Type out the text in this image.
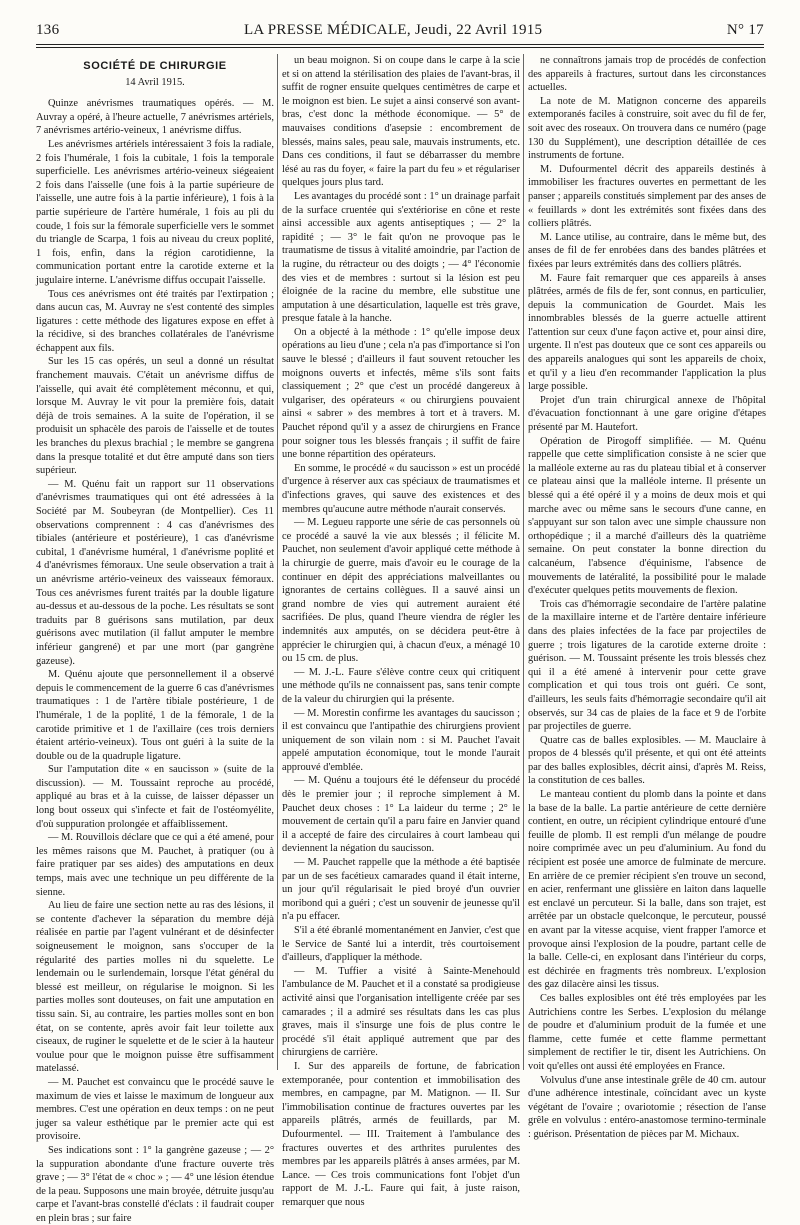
136	LA PRESSE MÉDICALE, Jeudi, 22 Avril 1915	N° 17

SOCIÉTÉ DE CHIRURGIE

14 Avril 1915.

Quinze anévrismes traumatiques opérés. — M. Auvray a opéré, à l'heure actuelle, 7 anévrismes artériels, 7 anévrismes artério-veineux, 1 anévrisme diffus.

Les anévrismes artériels intéressaient 3 fois la radiale, 2 fois l'humérale, 1 fois la cubitale, 1 fois la temporale superficielle. Les anévrismes artério-veineux siégeaient 2 fois dans l'aisselle (une fois à la partie supérieure de l'aisselle, une autre fois à la partie inférieure), 1 fois à la partie supérieure de l'artère humérale, 1 fois au pli du coude, 1 fois sur la fémorale superficielle vers le sommet du triangle de Scarpa, 1 fois au niveau du creux poplité, 1 fois, enfin, dans la région carotidienne, la communication portant entre la carotide externe et la jugulaire interne. L'anévrisme diffus occupait l'aisselle.

Tous ces anévrismes ont été traités par l'extirpation ; dans aucun cas, M. Auvray ne s'est contenté des simples ligatures : cette méthode des ligatures expose en effet à la récidive, si des branches collatérales de l'anévrisme échappent aux fils.

Sur les 15 cas opérés, un seul a donné un résultat franchement mauvais. C'était un anévrisme diffus de l'aisselle, qui avait été complètement méconnu, et qui, lorsque M. Auvray le vit pour la première fois, datait déjà de trois semaines. A la suite de l'opération, il se produisit un sphacèle des parois de l'aisselle et de toutes les branches du plexus brachial ; le membre se gangrena dans la presque totalité et dut être amputé dans son tiers supérieur.

— M. Quénu fait un rapport sur 11 observations d'anévrismes traumatiques qui ont été adressées à la Société par M. Soubeyran (de Montpellier). Ces 11 observations comprennent : 4 cas d'anévrismes des tibiales (antérieure et postérieure), 1 cas d'anévrisme cubital, 1 d'anévrisme huméral, 1 d'anévrisme poplité et 4 d'anévrismes fémoraux. Une seule observation a trait à un anévrisme artério-veineux des vaisseaux fémoraux. Tous ces anévrismes furent traités par la double ligature au-dessus et au-dessous de la poche. Les résultats se sont traduits par 8 guérisons sans mutilation, par deux guérisons avec mutilation (il fallut amputer le membre inférieur gangrené) et par une mort (par gangrène gazeuse).

M. Quénu ajoute que personnellement il a observé depuis le commencement de la guerre 6 cas d'anévrismes traumatiques : 1 de l'artère tibiale postérieure, 1 de l'humérale, 1 de la poplité, 1 de la fémorale, 1 de la carotide primitive et 1 de l'axillaire (ces trois derniers étaient artério-veineux). Tous ont guéri à la suite de la double ou de la quadruple ligature.

Sur l'amputation dite « en saucisson » (suite de la discussion). — M. Toussaint reproche au procédé, appliqué au bras et à la cuisse, de laisser dépasser un long bout osseux qui s'infecte et fait de l'ostéomyélite, d'où suppuration prolongée et affaiblissement.

— M. Rouvillois déclare que ce qui a été amené, pour les mêmes raisons que M. Pauchet, à pratiquer (ou à faire pratiquer par ses aides) des amputations en deux temps, mais avec une technique un peu différente de la sienne.

Au lieu de faire une section nette au ras des lésions, il se contente d'achever la séparation du membre déjà réalisée en partie par l'agent vulnérant et de désinfecter soigneusement le moignon, sans s'occuper de la régularité des parties molles ni du squelette. Le lendemain ou le surlendemain, lorsque l'état général du blessé est meilleur, on régularise le moignon. Si les parties molles sont douteuses, on fait une amputation en tissu sain. Si, au contraire, les parties molles sont en bon état, on se contente, après avoir fait leur toilette aux ciseaux, de ruginer le squelette et de le scier à la hauteur voulue pour que le moignon puisse être suffisamment matelassé.

— M. Pauchet est convaincu que le procédé sauve le maximum de vies et laisse le maximum de longueur aux membres. C'est une opération en deux temps : on ne peut juger sa valeur esthétique par le premier acte qui est provisoire.

Ses indications sont : 1° la gangrène gazeuse ; — 2° la suppuration abondante d'une fracture ouverte très grave ; — 3° l'état de « choc » ; — 4° une lésion étendue de la peau. Supposons une main broyée, détruite jusqu'au carpe et l'avant-bras constellé d'éclats : il faudrait couper en plein bras ; sur faire

un beau moignon. Si on coupe dans le carpe à la scie et si on attend la stérilisation des plaies de l'avant-bras, il suffit de rogner ensuite quelques centimètres de carpe et le moignon est bien. Le sujet a ainsi conservé son avant-bras, c'est donc la méthode économique. — 5° de mauvaises conditions d'asepsie : encombrement de blessés, mains sales, peau sale, mauvais instruments, etc. Dans ces conditions, il faut se débarrasser du membre lésé au ras du foyer, « faire la part du feu » et régulariser quelques jours plus tard.

Les avantages du procédé sont : 1° un drainage parfait de la surface cruentée qui s'extériorise en cône et reste ainsi accessible aux agents antiseptiques ; — 2° la rapidité ; — 3° le fait qu'on ne provoque pas le traumatisme de tissus à vitalité amoindrie, par l'action de la rugine, du rétracteur ou des doigts ; — 4° l'économie des vies et de membres : surtout si la lésion est peu éloignée de la racine du membre, elle substitue une amputation à une désarticulation, laquelle est très grave, presque fatale à la hanche.

On a objecté à la méthode : 1° qu'elle impose deux opérations au lieu d'une ; cela n'a pas d'importance si l'on sauve le blessé ; d'ailleurs il faut souvent retoucher les moignons ouverts et infectés, même s'ils sont faits classiquement ; 2° que c'est un procédé dangereux à vulgariser, des opérateurs « ou chirurgiens pouvaient ainsi « sabrer » des membres à tort et à travers. M. Pauchet répond qu'il y a assez de chirurgiens en France pour soigner tous les blessés français ; il suffit de faire une bonne répartition des opérateurs.

En somme, le procédé « du saucisson » est un procédé d'urgence à réserver aux cas spéciaux de traumatismes et d'infections graves, qui sauve des existences et des membres qu'aucune autre méthode n'aurait conservés.

— M. Legueu rapporte une série de cas personnels où ce procédé a sauvé la vie aux blessés ; il félicite M. Pauchet, non seulement d'avoir appliqué cette méthode à la chirurgie de guerre, mais d'avoir eu le courage de la continuer en dépit des appréciations malveillantes ou ignorantes de certains collègues. Il a sauvé ainsi un grand nombre de vies qui autrement auraient été sacrifiées. De plus, quand l'heure viendra de régler les indemnités aux amputés, on se décidera peut-être à apprécier le chirurgien qui, à chacun d'eux, a ménagé 10 ou 15 cm. de plus.

— M. J.-L. Faure s'élève contre ceux qui critiquent une méthode qu'ils ne connaissent pas, sans tenir compte de la valeur du chirurgien qui la présente.

— M. Morestin confirme les avantages du saucisson ; il est convaincu que l'antipathie des chirurgiens provient uniquement de son vilain nom : si M. Pauchet l'avait appelé amputation économique, tout le monde l'aurait approuvé d'emblée.

— M. Quénu a toujours été le défenseur du procédé dès le premier jour ; il reproche simplement à M. Pauchet deux choses : 1° La laideur du terme ; 2° le mouvement de certain qu'il a paru faire en Janvier quand il a accepté de faire des circulaires à court lambeau qui deviennent la négation du saucisson.

— M. Pauchet rappelle que la méthode a été baptisée par un de ses facétieux camarades quand il était interne, un jour qu'il régularisait le pied broyé d'un ouvrier moribond qui a guéri ; c'est un souvenir de jeunesse qu'il n'a pu effacer.

S'il a été ébranlé momentanément en Janvier, c'est que le Service de Santé lui a interdit, très courtoisement d'ailleurs, d'appliquer la méthode.

— M. Tuffier a visité à Sainte-Menehould l'ambulance de M. Pauchet et il a constaté sa prodigieuse activité ainsi que l'organisation intelligente créée par ses camarades ; il a admiré ses résultats dans les cas plus graves, mais il s'insurge une fois de plus contre le procédé s'il était appliqué autrement que par des chirurgiens de carrière.

I. Sur des appareils de fortune, de fabrication extemporanée, pour contention et immobilisation des membres, en campagne, par M. Matignon. — II. Sur l'immobilisation continue de fractures ouvertes par les appareils plâtrés, armés de feuillards, par M. Dufourmentel. — III. Traitement à l'ambulance des fractures ouvertes et des arthrites purulentes des membres par les appareils plâtrés à anses armées, par M. Lance. — Ces trois communications font l'objet d'un rapport de M. J.-L. Faure qui fait, à juste raison, remarquer que nous

ne connaîtrons jamais trop de procédés de confection des appareils à fractures, surtout dans les circonstances actuelles.

La note de M. Matignon concerne des appareils extemporanés faciles à construire, soit avec du fil de fer, soit avec des roseaux. On trouvera dans ce numéro (page 130 du Supplément), une description détaillée de ces instruments de fortune.

M. Dufourmentel décrit des appareils destinés à immobiliser les fractures ouvertes en permettant de les panser ; appareils constitués simplement par des anses de « feuillards » dont les extrémités sont fixées dans des colliers plâtrés.

M. Lance utilise, au contraire, dans le même but, des anses de fil de fer enrobées dans des bandes plâtrées et fixées par leurs extrémités dans des colliers plâtrés.

M. Faure fait remarquer que ces appareils à anses plâtrées, armés de fils de fer, sont connus, en particulier, depuis la communication de Gourdet. Mais les innombrables blessés de la guerre actuelle attirent l'attention sur ceux d'une façon active et, pour ainsi dire, urgente. Il n'est pas douteux que ce sont ces appareils ou des appareils analogues qui sont les appareils de choix, et qu'il y a lieu d'en recommander l'application la plus large possible.

Projet d'un train chirurgical annexe de l'hôpital d'évacuation fonctionnant à une gare origine d'étapes présenté par M. Hautefort.

Opération de Pirogoff simplifiée. — M. Quénu rappelle que cette simplification consiste à ne scier que la malléole externe au ras du plateau tibial et à conserver ce plateau ainsi que la malléole interne. Il présente un blessé qui a été opéré il y a moins de deux mois et qui marche avec ou même sans le secours d'une canne, en s'appuyant sur son talon avec une simple chaussure non orthopédique ; il a marché d'ailleurs dès la quatrième semaine. On peut constater la bonne direction du calcanéum, l'absence d'équinisme, l'absence de mouvements de latéralité, la possibilité pour le malade d'exécuter quelques petits mouvements de flexion.

Trois cas d'hémorragie secondaire de l'artère palatine de la maxillaire interne et de l'artère dentaire inférieure dans des plaies infectées de la face par projectiles de guerre ; trois ligatures de la carotide externe droite : guérison. — M. Toussaint présente les trois blessés chez qui il a été amené à intervenir pour cette grave complication et qui tous trois ont guéri. Ce sont, d'ailleurs, les seuls faits d'hémorragie secondaire qu'il ait observés, sur 34 cas de plaies de la face et 9 de l'orbite par projectiles de guerre.

Quatre cas de balles explosibles. — M. Mauclaire à propos de 4 blessés qu'il présente, et qui ont été atteints par des balles explosibles, décrit ainsi, d'après M. Reiss, la constitution de ces balles.

Le manteau contient du plomb dans la pointe et dans la base de la balle. La partie antérieure de cette dernière contient, en outre, un récipient cylindrique entouré d'une feuille de plomb. Il est rempli d'un mélange de poudre noire comprimée avec un peu d'aluminium. Au fond du récipient est posée une amorce de fulminate de mercure. En arrière de ce premier récipient s'en trouve un second, en acier, renfermant une glissière en laiton dans laquelle est enclavé un percuteur. Si la balle, dans son trajet, est arrêtée par un obstacle quelconque, le percuteur, poussé en avant par la vitesse acquise, vient frapper l'amorce et provoque ainsi l'explosion de la poudre, partant celle de la balle. Celle-ci, en explosant dans l'intérieur du corps, est déchirée en fragments très nombreux. L'explosion des gaz dilacère ainsi les tissus.

Ces balles explosibles ont été très employées par les Autrichiens contre les Serbes. L'explosion du mélange de poudre et d'aluminium produit de la fumée et une flamme, cette fumée et cette flamme permettant simplement de rectifier le tir, disent les Autrichiens. On voit qu'elles ont aussi été employées en France.

Volvulus d'une anse intestinale grêle de 40 cm. autour d'une adhérence intestinale, coïncidant avec un kyste végétant de l'ovaire ; ovariotomie ; résection de l'anse grêle en volvulus : entéro-anastomose termino-terminale : guérison. Présentation de pièces par M. Michaux.
